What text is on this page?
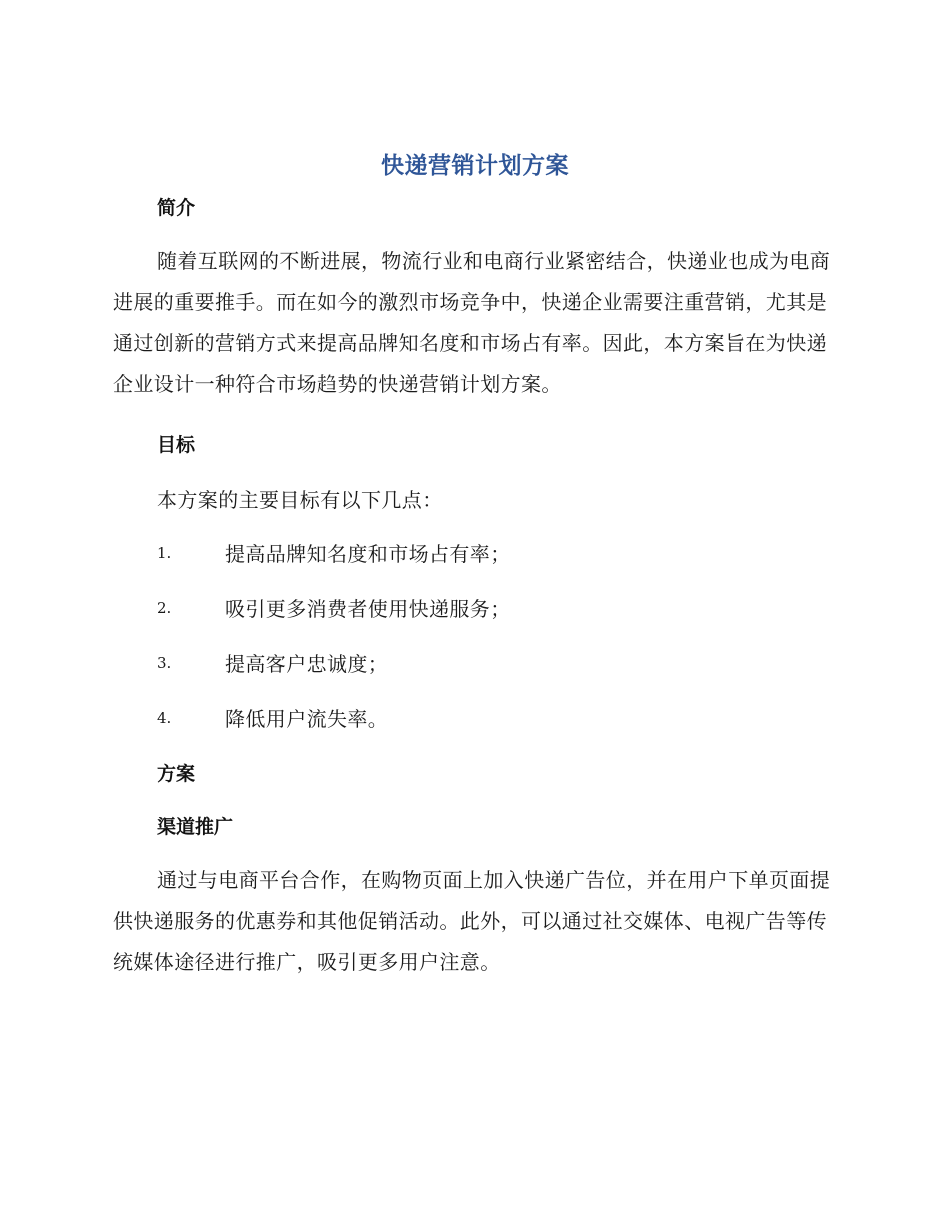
快递营销计划方案
简介
随着互联网的不断进展，物流行业和电商行业紧密结合，快递业也成为电商进展的重要推手。而在如今的激烈市场竞争中，快递企业需要注重营销，尤其是通过创新的营销方式来提高品牌知名度和市场占有率。因此，本方案旨在为快递企业设计一种符合市场趋势的快递营销计划方案。
目标
本方案的主要目标有以下几点：
1.	提高品牌知名度和市场占有率；
2.	吸引更多消费者使用快递服务；
3.	提高客户忠诚度；
4.	降低用户流失率。
方案
渠道推广
通过与电商平台合作，在购物页面上加入快递广告位，并在用户下单页面提供快递服务的优惠券和其他促销活动。此外，可以通过社交媒体、电视广告等传统媒体途径进行推广，吸引更多用户注意。
